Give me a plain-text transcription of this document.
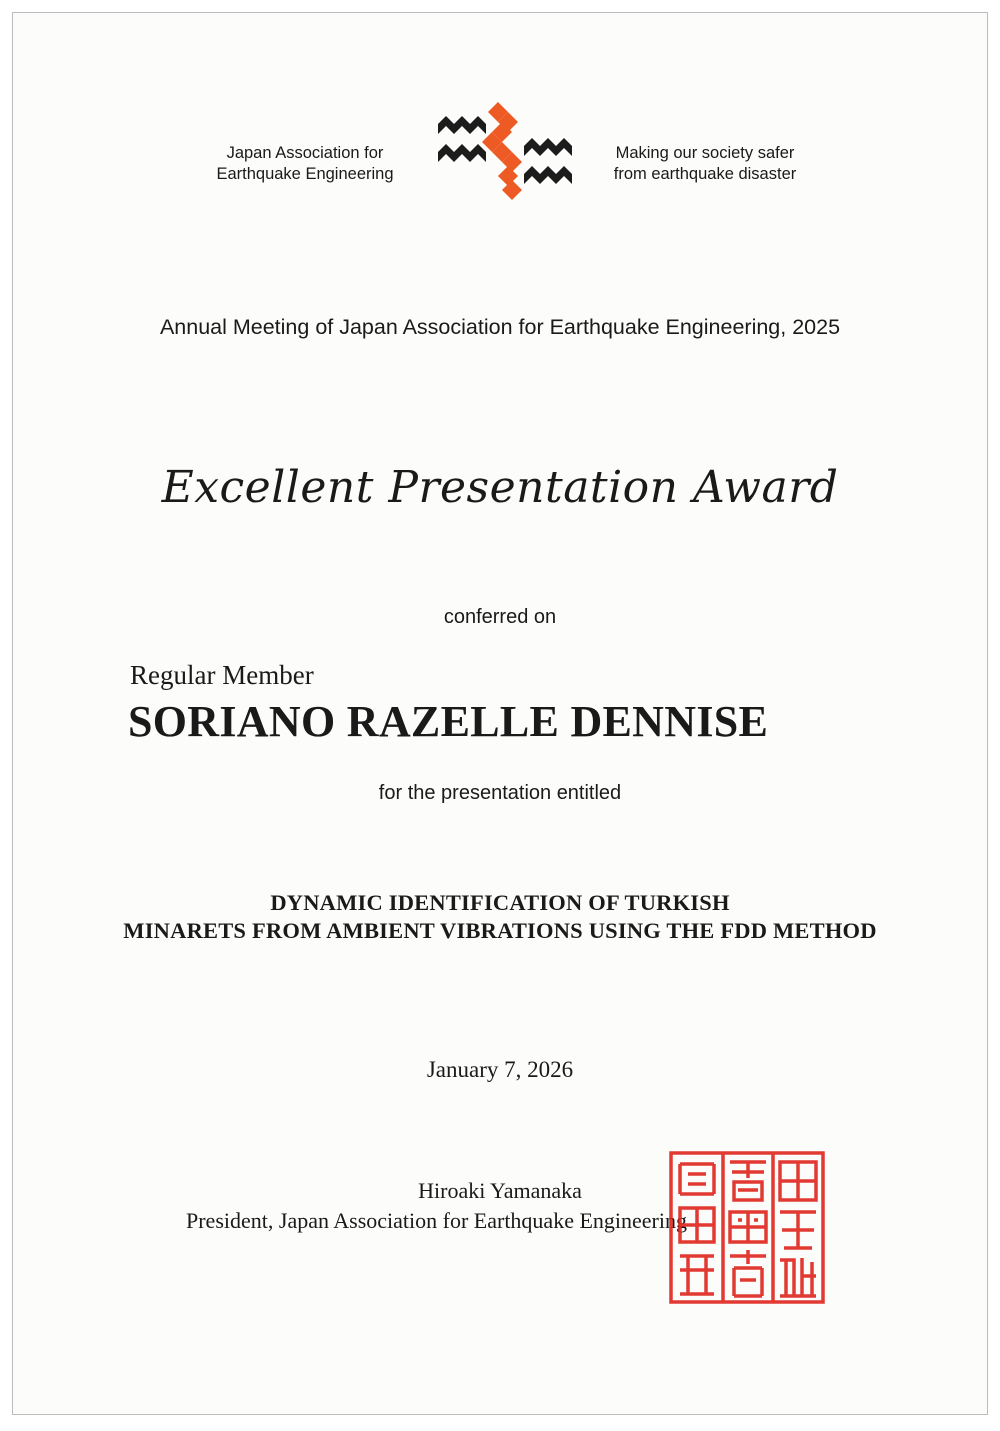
Japan Association for
Earthquake Engineering
Making our society safer
from earthquake disaster
Annual Meeting of Japan Association for Earthquake Engineering, 2025
Excellent Presentation Award
conferred on
Regular Member
SORIANO RAZELLE DENNISE
for the presentation entitled
DYNAMIC IDENTIFICATION OF TURKISH
MINARETS FROM AMBIENT VIBRATIONS USING THE FDD METHOD
January 7, 2026
Hiroaki Yamanaka
President, Japan Association for Earthquake Engineering
